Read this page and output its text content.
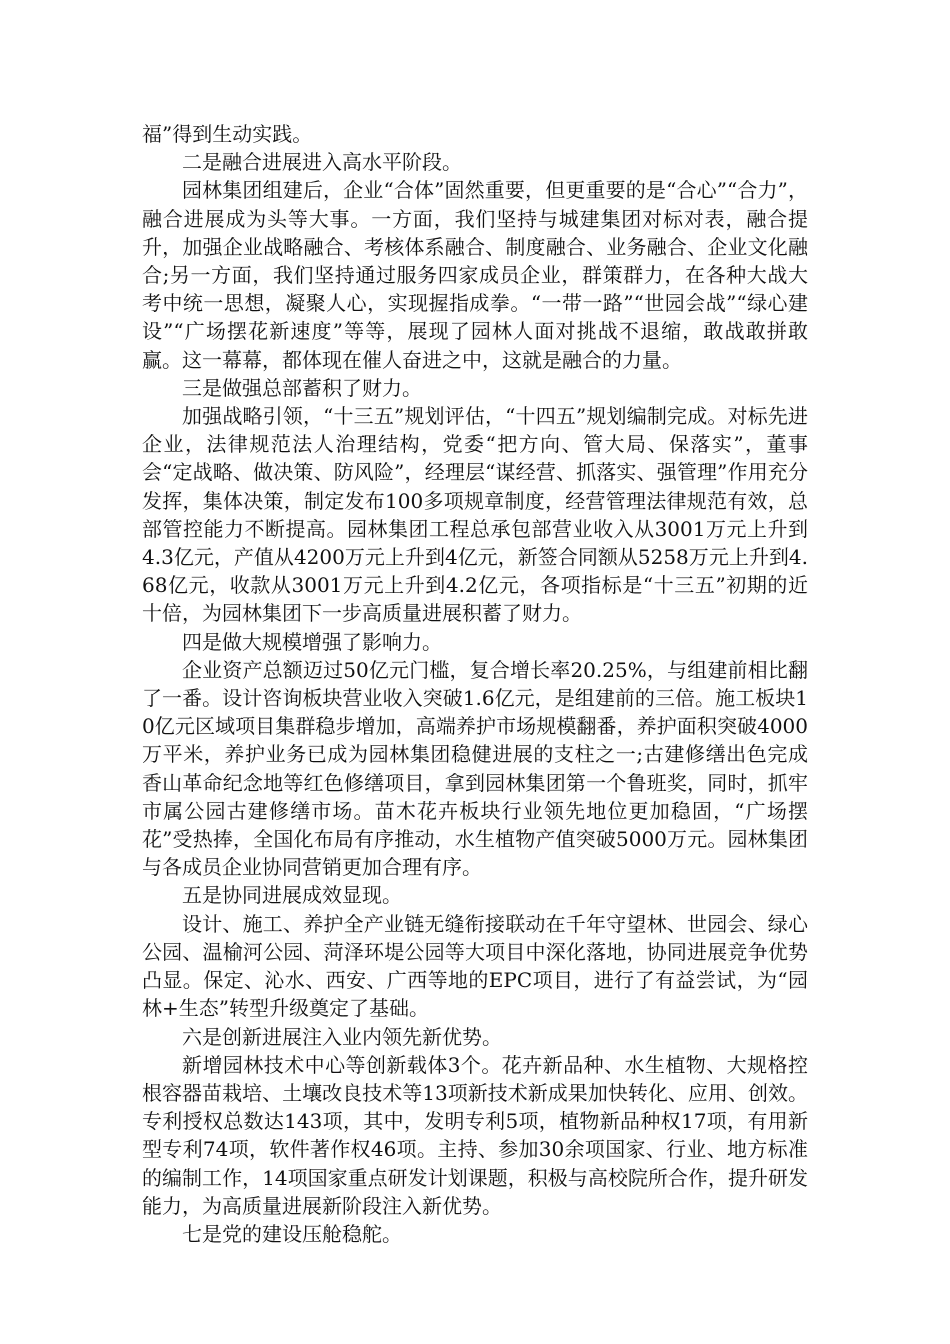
福”得到生动实践。

二是融合进展进入高水平阶段。

园林集团组建后，企业“合体”固然重要，但更重要的是“合心”“合力”，融合进展成为头等大事。一方面，我们坚持与城建集团对标对表，融合提升，加强企业战略融合、考核体系融合、制度融合、业务融合、企业文化融合;另一方面，我们坚持通过服务四家成员企业，群策群力，在各种大战大考中统一思想，凝聚人心，实现握指成拳。“一带一路”“世园会战”“绿心建设”“广场摆花新速度”等等，展现了园林人面对挑战不退缩，敢战敢拼敢赢。这一幕幕，都体现在催人奋进之中，这就是融合的力量。

三是做强总部蓄积了财力。

加强战略引领，“十三五”规划评估，“十四五”规划编制完成。对标先进企业，法律规范法人治理结构，党委“把方向、管大局、保落实”，董事会“定战略、做决策、防风险”，经理层“谋经营、抓落实、强管理”作用充分发挥，集体决策，制定发布100多项规章制度，经营管理法律规范有效，总部管控能力不断提高。园林集团工程总承包部营业收入从3001万元上升到4.3亿元，产值从4200万元上升到4亿元，新签合同额从5258万元上升到4.68亿元，收款从3001万元上升到4.2亿元，各项指标是“十三五”初期的近十倍，为园林集团下一步高质量进展积蓄了财力。

四是做大规模增强了影响力。

企业资产总额迈过50亿元门槛，复合增长率20.25%，与组建前相比翻了一番。设计咨询板块营业收入突破1.6亿元，是组建前的三倍。施工板块10亿元区域项目集群稳步增加，高端养护市场规模翻番，养护面积突破4000万平米，养护业务已成为园林集团稳健进展的支柱之一;古建修缮出色完成香山革命纪念地等红色修缮项目，拿到园林集团第一个鲁班奖，同时，抓牢市属公园古建修缮市场。苗木花卉板块行业领先地位更加稳固，“广场摆花”受热捧，全国化布局有序推动，水生植物产值突破5000万元。园林集团与各成员企业协同营销更加合理有序。

五是协同进展成效显现。

设计、施工、养护全产业链无缝衔接联动在千年守望林、世园会、绿心公园、温榆河公园、菏泽环堤公园等大项目中深化落地，协同进展竞争优势凸显。保定、沁水、西安、广西等地的EPC项目，进行了有益尝试，为“园林+生态”转型升级奠定了基础。

六是创新进展注入业内领先新优势。

新增园林技术中心等创新载体3个。花卉新品种、水生植物、大规格控根容器苗栽培、土壤改良技术等13项新技术新成果加快转化、应用、创效。专利授权总数达143项，其中，发明专利5项，植物新品种权17项，有用新型专利74项，软件著作权46项。主持、参加30余项国家、行业、地方标准的编制工作，14项国家重点研发计划课题，积极与高校院所合作，提升研发能力，为高质量进展新阶段注入新优势。

七是党的建设压舱稳舵。
